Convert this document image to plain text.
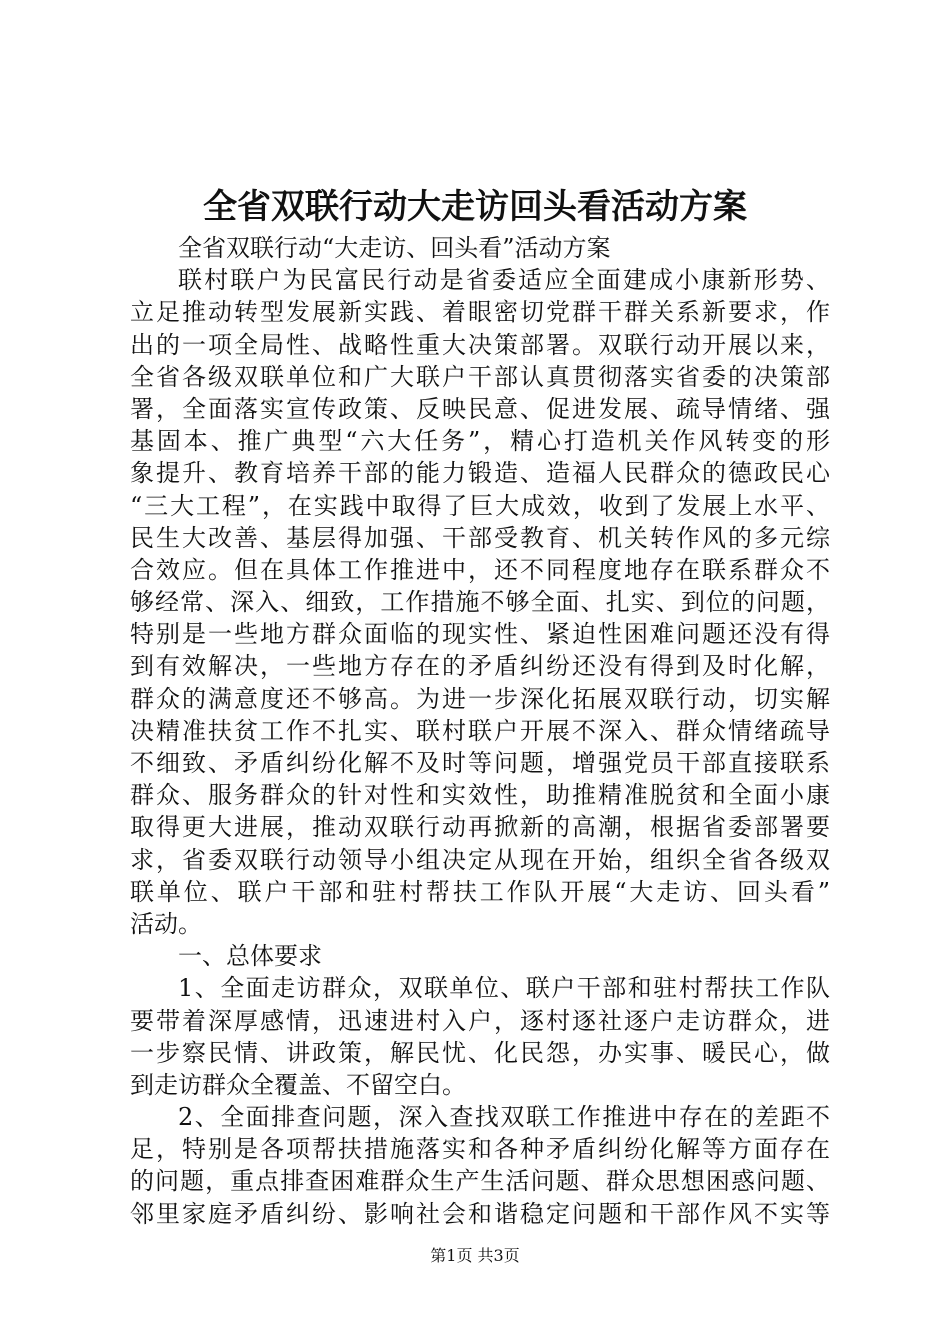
全省双联行动大走访回头看活动方案
全省双联行动“大走访、回头看”活动方案
联村联户为民富民行动是省委适应全面建成小康新形势、
立足推动转型发展新实践、着眼密切党群干群关系新要求，作
出的一项全局性、战略性重大决策部署。双联行动开展以来，
全省各级双联单位和广大联户干部认真贯彻落实省委的决策部
署，全面落实宣传政策、反映民意、促进发展、疏导情绪、强
基固本、推广典型“六大任务”，精心打造机关作风转变的形
象提升、教育培养干部的能力锻造、造福人民群众的德政民心
“三大工程”，在实践中取得了巨大成效，收到了发展上水平、
民生大改善、基层得加强、干部受教育、机关转作风的多元综
合效应。但在具体工作推进中，还不同程度地存在联系群众不
够经常、深入、细致，工作措施不够全面、扎实、到位的问题，
特别是一些地方群众面临的现实性、紧迫性困难问题还没有得
到有效解决，一些地方存在的矛盾纠纷还没有得到及时化解，
群众的满意度还不够高。为进一步深化拓展双联行动，切实解
决精准扶贫工作不扎实、联村联户开展不深入、群众情绪疏导
不细致、矛盾纠纷化解不及时等问题，增强党员干部直接联系
群众、服务群众的针对性和实效性，助推精准脱贫和全面小康
取得更大进展，推动双联行动再掀新的高潮，根据省委部署要
求，省委双联行动领导小组决定从现在开始，组织全省各级双
联单位、联户干部和驻村帮扶工作队开展“大走访、回头看”
活动。
一、总体要求
1、全面走访群众，双联单位、联户干部和驻村帮扶工作队
要带着深厚感情，迅速进村入户，逐村逐社逐户走访群众，进
一步察民情、讲政策，解民忧、化民怨，办实事、暖民心，做
到走访群众全覆盖、不留空白。
2、全面排查问题，深入查找双联工作推进中存在的差距不
足，特别是各项帮扶措施落实和各种矛盾纠纷化解等方面存在
的问题，重点排查困难群众生产生活问题、群众思想困惑问题、
邻里家庭矛盾纠纷、影响社会和谐稳定问题和干部作风不实等
第1页 共3页
